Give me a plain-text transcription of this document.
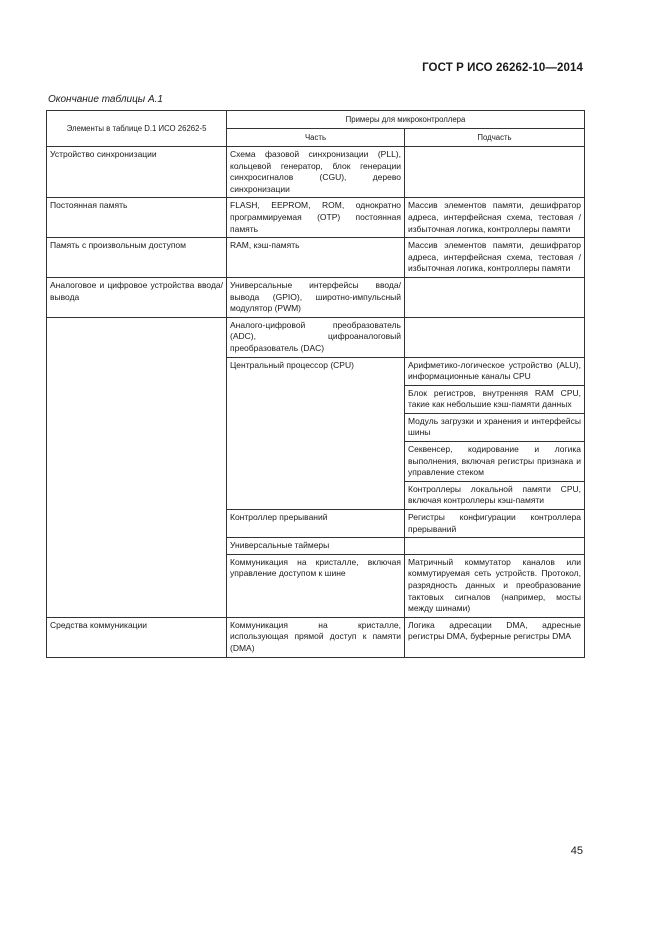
ГОСТ Р ИСО 26262-10—2014
Окончание таблицы А.1
Элементы в таблице D.1 ИСО 26262-5	Примеры для микроконтроллера	
	Часть	Подчасть
Устройство синхронизации	Схема фазовой синхронизации (PLL), кольцевой генератор, блок генерации синхросигналов (CGU), дерево синхронизации	
Постоянная память	FLASH, EEPROM, ROM, однократно программируемая (OTP) постоянная память	Массив элементов памяти, дешифратор адреса, интерфейсная схема, тестовая / избыточная логика, контроллеры памяти
Память с произвольным доступом	RAM, кэш-память	Массив элементов памяти, дешифратор адреса, интерфейсная схема, тестовая / избыточная логика, контроллеры памяти
Аналоговое и цифровое устройства ввода/вывода	Универсальные интерфейсы ввода/вывода (GPIO), широтно-импульсный модулятор (PWM)	
	Аналого-цифровой преобразователь (ADC), цифроаналоговый преобразователь (DAC)	
	Центральный процессор (CPU)	Арифметико-логическое устройство (ALU), информационные каналы CPU
		Блок регистров, внутренняя RAM CPU, такие как небольшие кэш-памяти данных
		Модуль загрузки и хранения и интерфейсы шины
		Секвенсер, кодирование и логика выполнения, включая регистры признака и управление стеком
		Контроллеры локальной памяти CPU, включая контроллеры кэш-памяти
	Контроллер прерываний	Регистры конфигурации контроллера прерываний
	Универсальные таймеры	
	Коммуникация на кристалле, включая управление доступом к шине	Матричный коммутатор каналов или коммутируемая сеть устройств. Протокол, разрядность данных и преобразование тактовых сигналов (например, мосты между шинами)
Средства коммуникации	Коммуникация на кристалле, использующая прямой доступ к памяти (DMA)	Логика адресации DMA, адресные регистры DMA, буферные регистры DMA
45
